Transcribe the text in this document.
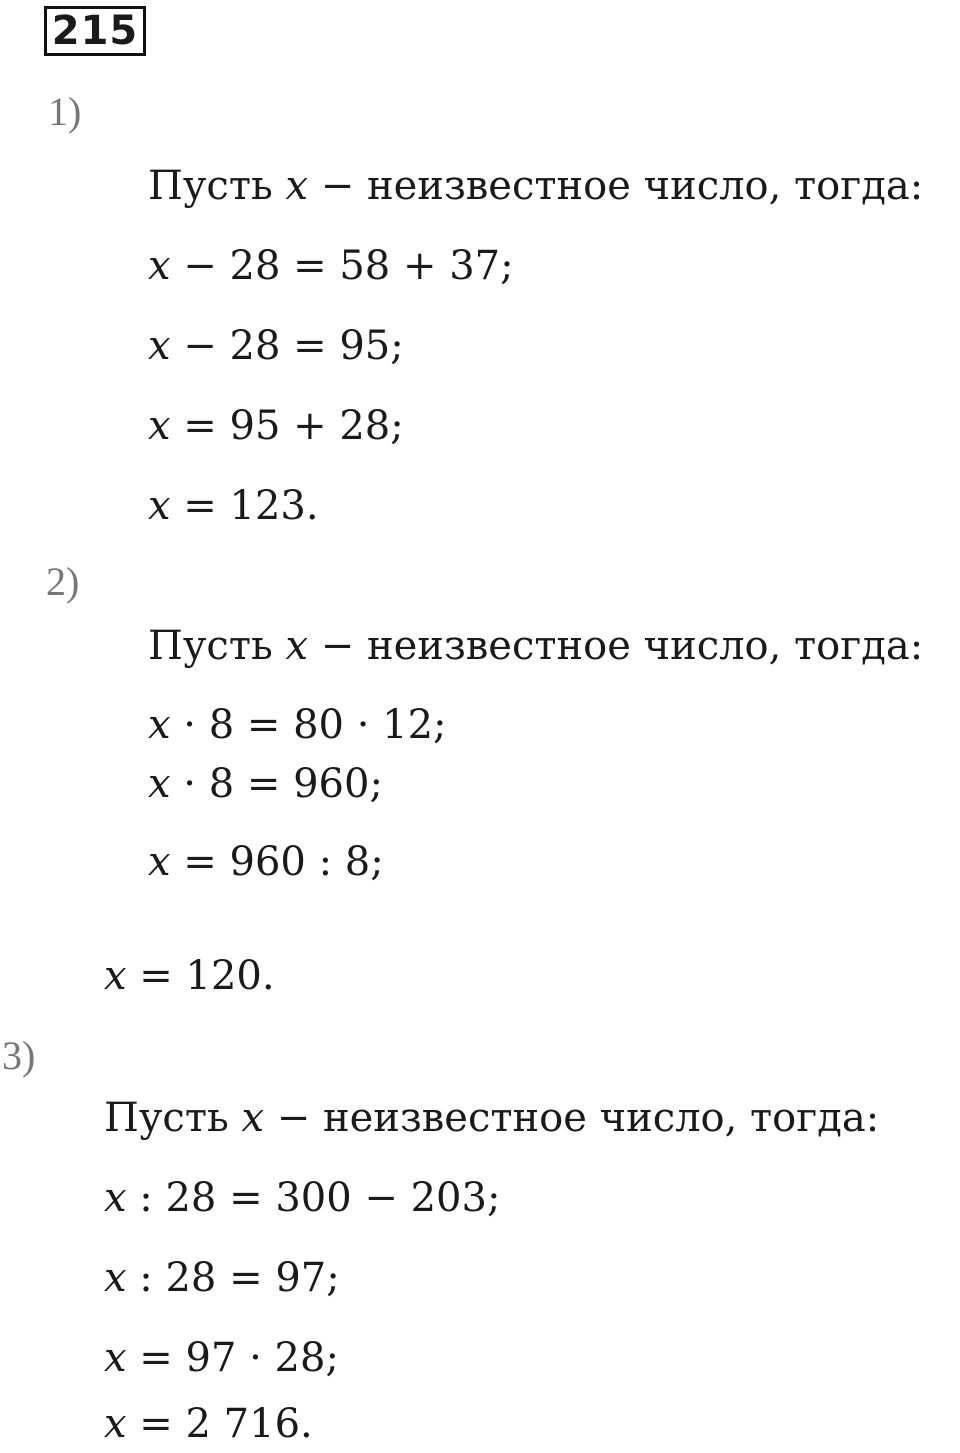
215
1)
Пусть x − неизвестное число, тогда:
x − 28 = 58 + 37;
x − 28 = 95;
x = 95 + 28;
x = 123.
2)
Пусть x − неизвестное число, тогда:
x · 8 = 80 · 12;
x · 8 = 960;
x = 960 : 8;
x = 120.
3)
Пусть x − неизвестное число, тогда:
x : 28 = 300 − 203;
x : 28 = 97;
x = 97 · 28;
x = 2 716.
